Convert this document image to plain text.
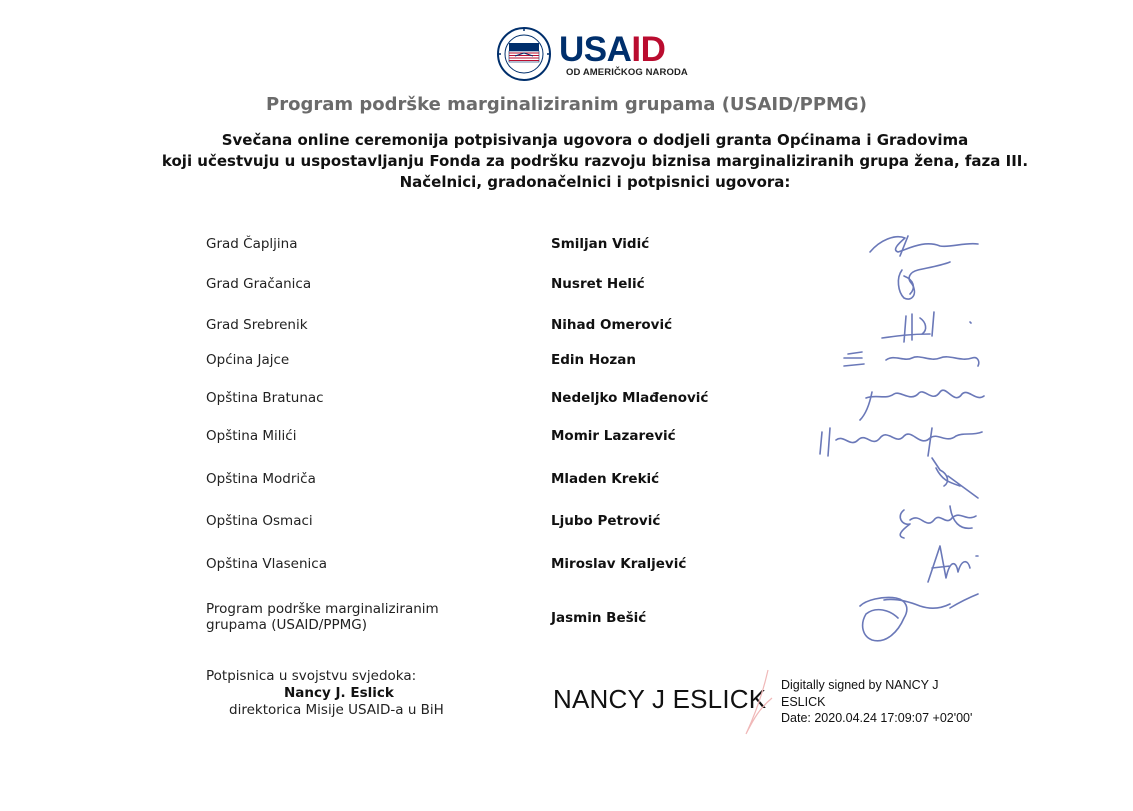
USAID
OD AMERIČKOG NARODA
Program podrške marginaliziranim grupama (USAID/PPMG)
Svečana online ceremonija potpisivanja ugovora o dodjeli granta Općinama i Gradovima
koji učestvuju u uspostavljanju Fonda za podršku razvoju biznisa marginaliziranih grupa žena, faza III.
Načelnici, gradonačelnici i potpisnici ugovora:
Grad Čapljina	Smiljan Vidić
Grad Gračanica	Nusret Helić
Grad Srebrenik	Nihad Omerović
Općina Jajce	Edin Hozan
Opština Bratunac	Nedeljko Mlađenović
Opština Milići	Momir Lazarević
Opština Modriča	Mladen Krekić
Opština Osmaci	Ljubo Petrović
Opština Vlasenica	Miroslav Kraljević
Program podrške marginaliziranim
grupama (USAID/PPMG)	Jasmin Bešić
Potpisnica u svojstvu svjedoka:
Nancy J. Eslick
direktorica Misije USAID-a u BiH	NANCY J ESLICK Digitally signed by NANCY J
ESLICK
Date: 2020.04.24 17:09:07 +02'00'
